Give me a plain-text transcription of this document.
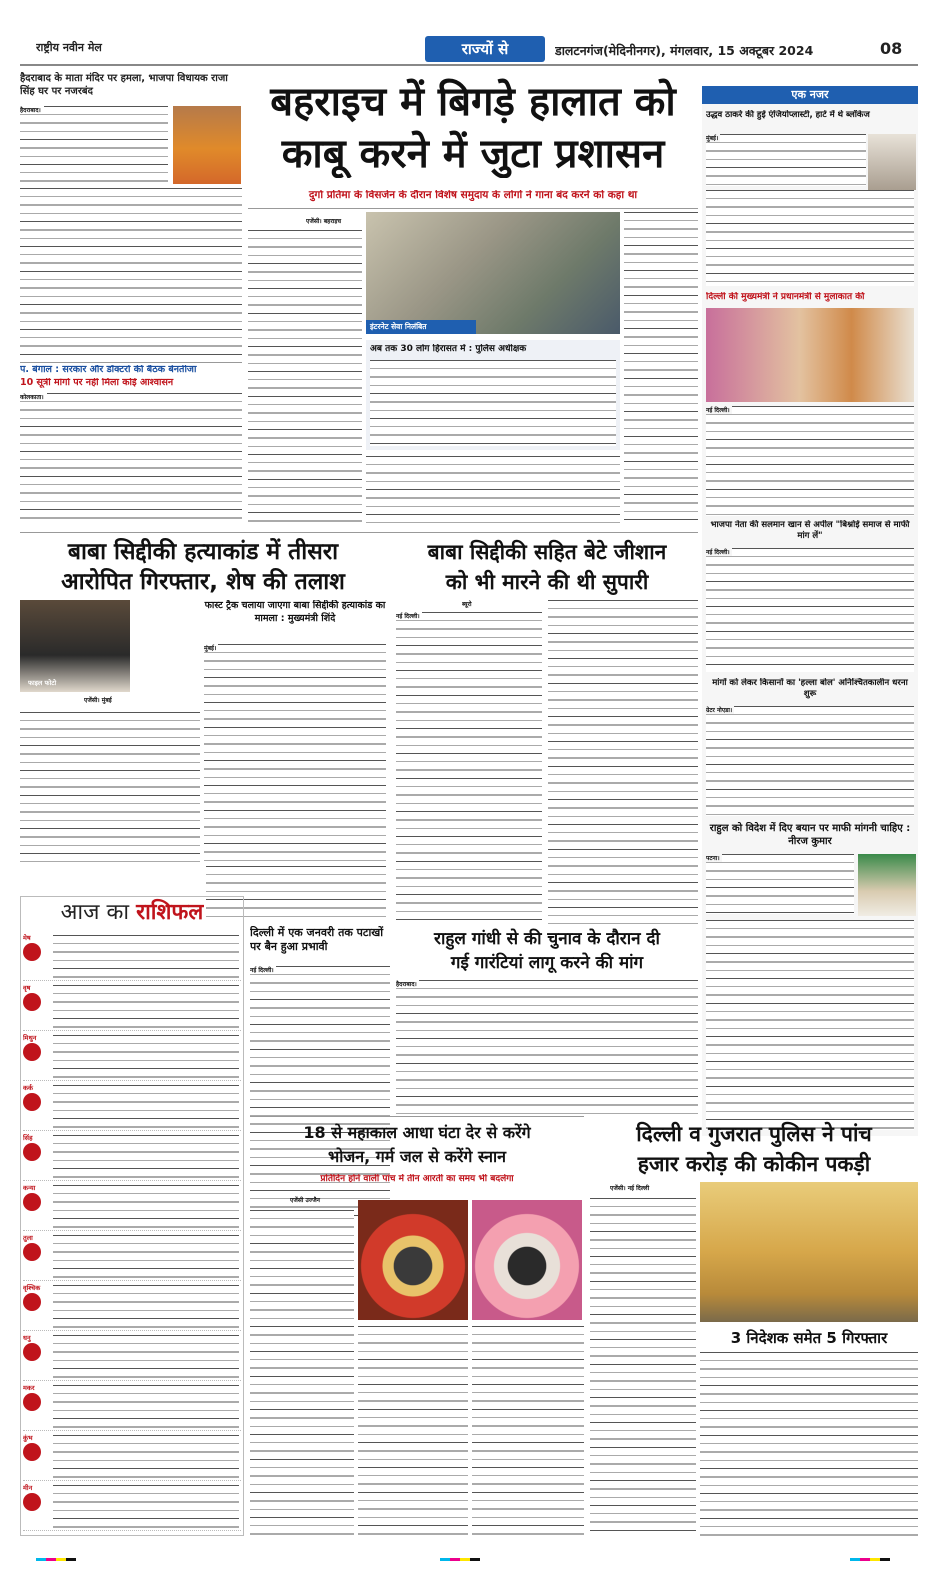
राष्ट्रीय नवीन मेल	राज्यों से	डालटनगंज(मेदिनीनगर), मंगलवार, 15 अक्टूबर 2024	08
हैदराबाद के माता मंदिर पर हमला, भाजपा विधायक राजा सिंह घर पर नजरबंद
हैदराबाद।
प. बंगाल : सरकार और डॉक्टरों की बैठक बेनतीजा
10 सूत्री मांगों पर नहीं मिला कोई आश्वासन
कोलकाता।
बहराइच में बिगड़े हालात को
काबू करने में जुटा प्रशासन
दुर्गा प्रतिमा के विसर्जन के दौरान विशेष समुदाय के लोगों ने गाना बंद करने को कहा था
एजेंसी। बहराइच
इंटरनेट सेवा निलंबित
अब तक 30 लोग हिरासत में : पुलिस अधीक्षक
एक नजर
उद्धव ठाकरे की हुई एंजियोप्लास्टी, हार्ट में थे ब्लॉकेज
मुंबई।
दिल्ली की मुख्यमंत्री ने प्रधानमंत्री से मुलाकात की
नई दिल्ली।
भाजपा नेता की सलमान खान से अपील "बिश्नोई समाज से माफी मांग लें"
नई दिल्ली।
मांगों को लेकर किसानों का 'हल्ला बोल' अनिश्चितकालीन धरना शुरू
ग्रेटर नोएडा।
राहुल को विदेश में दिए बयान पर माफी मांगनी चाहिए : नीरज कुमार
पटना।
बाबा सिद्दीकी हत्याकांड में तीसरा
आरोपित गिरफ्तार, शेष की तलाश
फाइल फोटो
एजेंसी। मुंबई
फास्ट ट्रैक चलाया जाएगा बाबा सिद्दीकी हत्याकांड का मामला : मुख्यमंत्री शिंदे
मुंबई।
बाबा सिद्दीकी सहित बेटे जीशान
को भी मारने की थी सुपारी
ब्यूरो
नई दिल्ली।
आज का राशिफल
मेष
वृष
मिथुन
कर्क
सिंह
कन्या
तुला
वृश्चिक
धनु
मकर
कुंभ
मीन
दिल्ली में एक जनवरी तक पटाखों पर बैन हुआ प्रभावी
नई दिल्ली।
राहुल गांधी से की चुनाव के दौरान दी
गई गारंटियां लागू करने की मांग
हैदराबाद।
18 से महाकाल आधा घंटा देर से करेंगे
भोजन, गर्म जल से करेंगे स्नान
प्रतिदिन होने वाली पांच में तीन आरती का समय भी बदलेगा
एजेंसी उज्जैन
दिल्ली व गुजरात पुलिस ने पांच
हजार करोड़ की कोकीन पकड़ी
एजेंसी। नई दिल्ली
3 निदेशक समेत 5 गिरफ्तार
